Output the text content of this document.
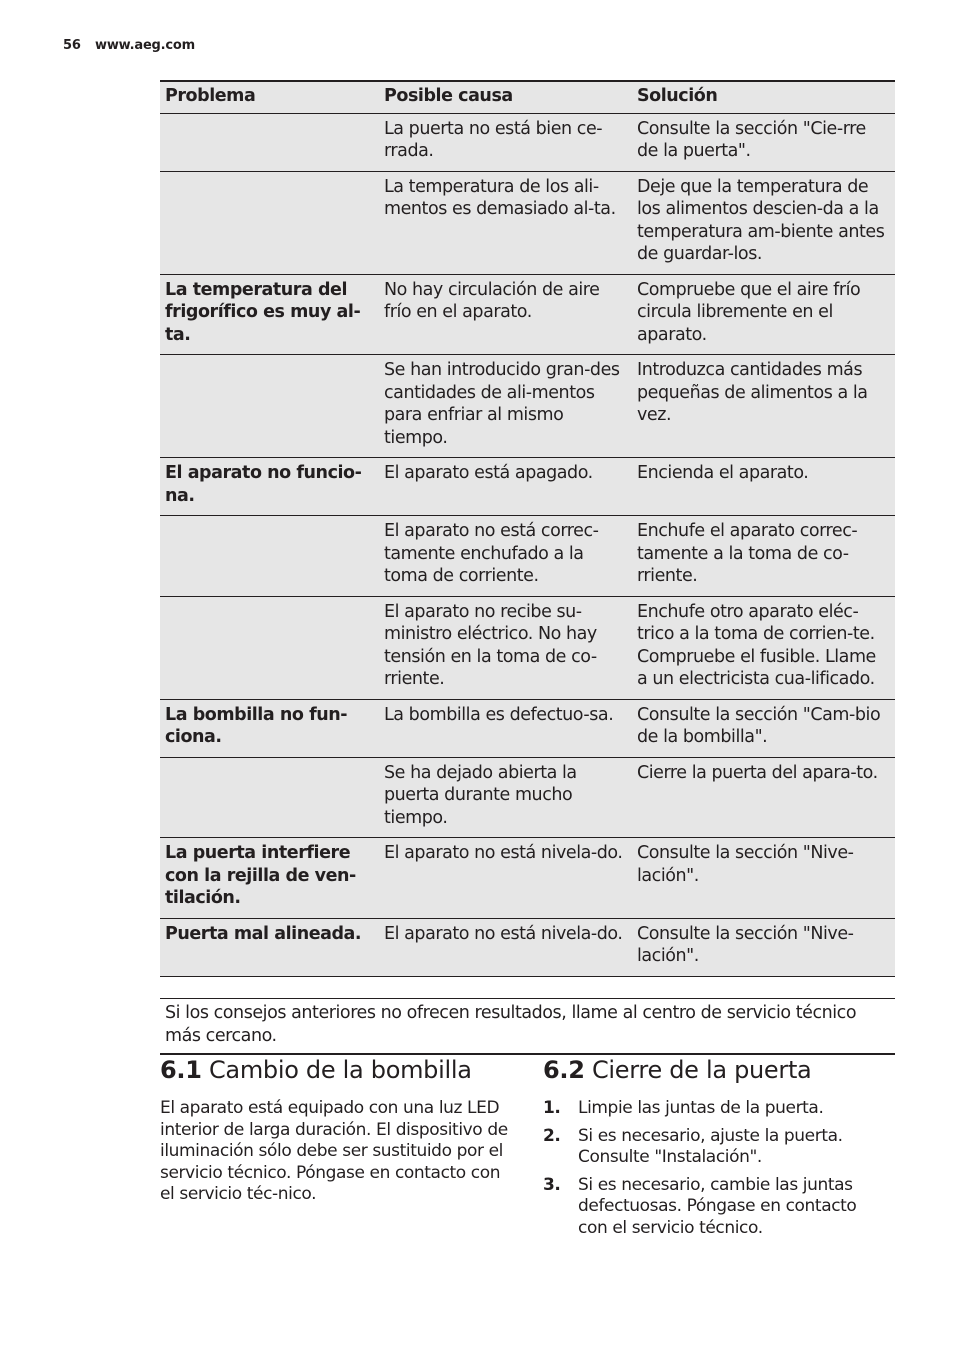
56 www.aeg.com
Problema	Posible causa	Solución
	La puerta no está bien ce-rrada.	Consulte la sección "Cie-rre de la puerta".
	La temperatura de los ali-mentos es demasiado al-ta.	Deje que la temperatura de los alimentos descien-da a la temperatura am-biente antes de guardar-los.
La temperatura del frigorífico es muy al-ta.	No hay circulación de aire frío en el aparato.	Compruebe que el aire frío circula libremente en el aparato.
	Se han introducido gran-des cantidades de ali-mentos para enfriar al mismo tiempo.	Introduzca cantidades más pequeñas de alimentos a la vez.
El aparato no funcio-na.	El aparato está apagado.	Encienda el aparato.
	El aparato no está correc-tamente enchufado a la toma de corriente.	Enchufe el aparato correc-tamente a la toma de co-rriente.
	El aparato no recibe su-ministro eléctrico. No hay tensión en la toma de co-rriente.	Enchufe otro aparato eléc-trico a la toma de corrien-te. Compruebe el fusible. Llame a un electricista cua-lificado.
La bombilla no fun-ciona.	La bombilla es defectuo-sa.	Consulte la sección "Cam-bio de la bombilla".
	Se ha dejado abierta la puerta durante mucho tiempo.	Cierre la puerta del apara-to.
La puerta interfiere con la rejilla de ven-tilación.	El aparato no está nivela-do.	Consulte la sección "Nive-lación".
Puerta mal alineada.	El aparato no está nivela-do.	Consulte la sección "Nive-lación".
Si los consejos anteriores no ofrecen resultados, llame al centro de servicio técnico más cercano.
6.1 Cambio de la bombilla

El aparato está equipado con una luz LED interior de larga duración. El dispositivo de iluminación sólo debe ser sustituido por el servicio técnico. Póngase en contacto con el servicio téc-nico.

6.2 Cierre de la puerta
1.	Limpie las juntas de la puerta.
2.	Si es necesario, ajuste la puerta. Consulte "Instalación".
3.	Si es necesario, cambie las juntas defectuosas. Póngase en contacto con el servicio técnico.
